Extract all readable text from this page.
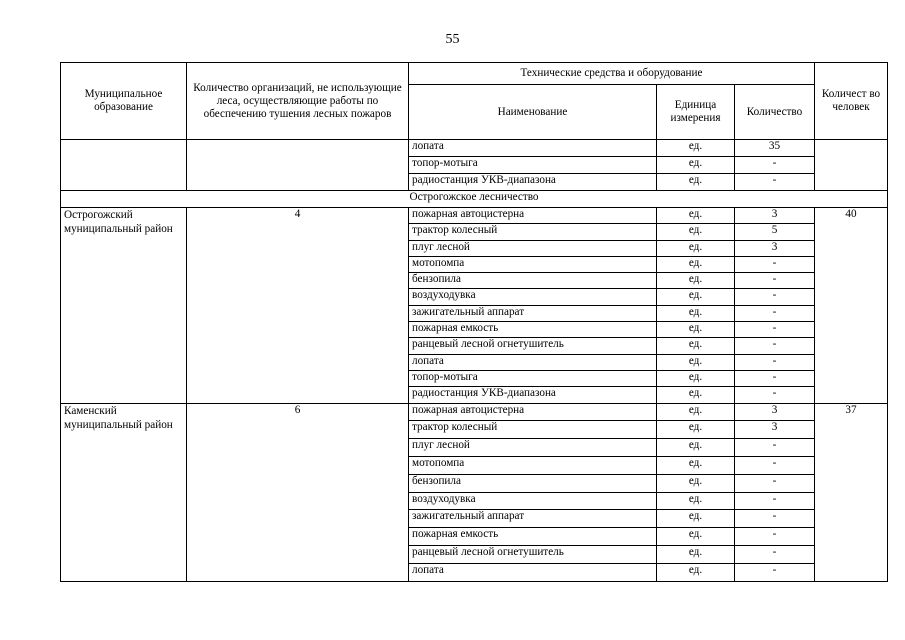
55
Муниципальное образование	Количество организаций, не использующие леса, осуществляющие работы по обеспечению тушения лесных пожаров	Технические средства и оборудование			Количест во человек
		Наименование	Единица измерения	Количество	
		лопата	ед.	35	
		топор-мотыга	ед.	-	
		радиостанция УКВ-диапазона	ед.	-	
Острогожское лесничество					
Острогожский муниципальный район	4	пожарная автоцистерна	ед.	3	40
		трактор колесный	ед.	5	
		плуг лесной	ед.	3	
		мотопомпа	ед.	-	
		бензопила	ед.	-	
		воздуходувка	ед.	-	
		зажигательный аппарат	ед.	-	
		пожарная емкость	ед.	-	
		ранцевый лесной огнетушитель	ед.	-	
		лопата	ед.	-	
		топор-мотыга	ед.	-	
		радиостанция УКВ-диапазона	ед.	-	
Каменский муниципальный район	6	пожарная автоцистерна	ед.	3	37
		трактор колесный	ед.	3	
		плуг лесной	ед.	-	
		мотопомпа	ед.	-	
		бензопила	ед.	-	
		воздуходувка	ед.	-	
		зажигательный аппарат	ед.	-	
		пожарная емкость	ед.	-	
		ранцевый лесной огнетушитель	ед.	-	
		лопата	ед.	-	
